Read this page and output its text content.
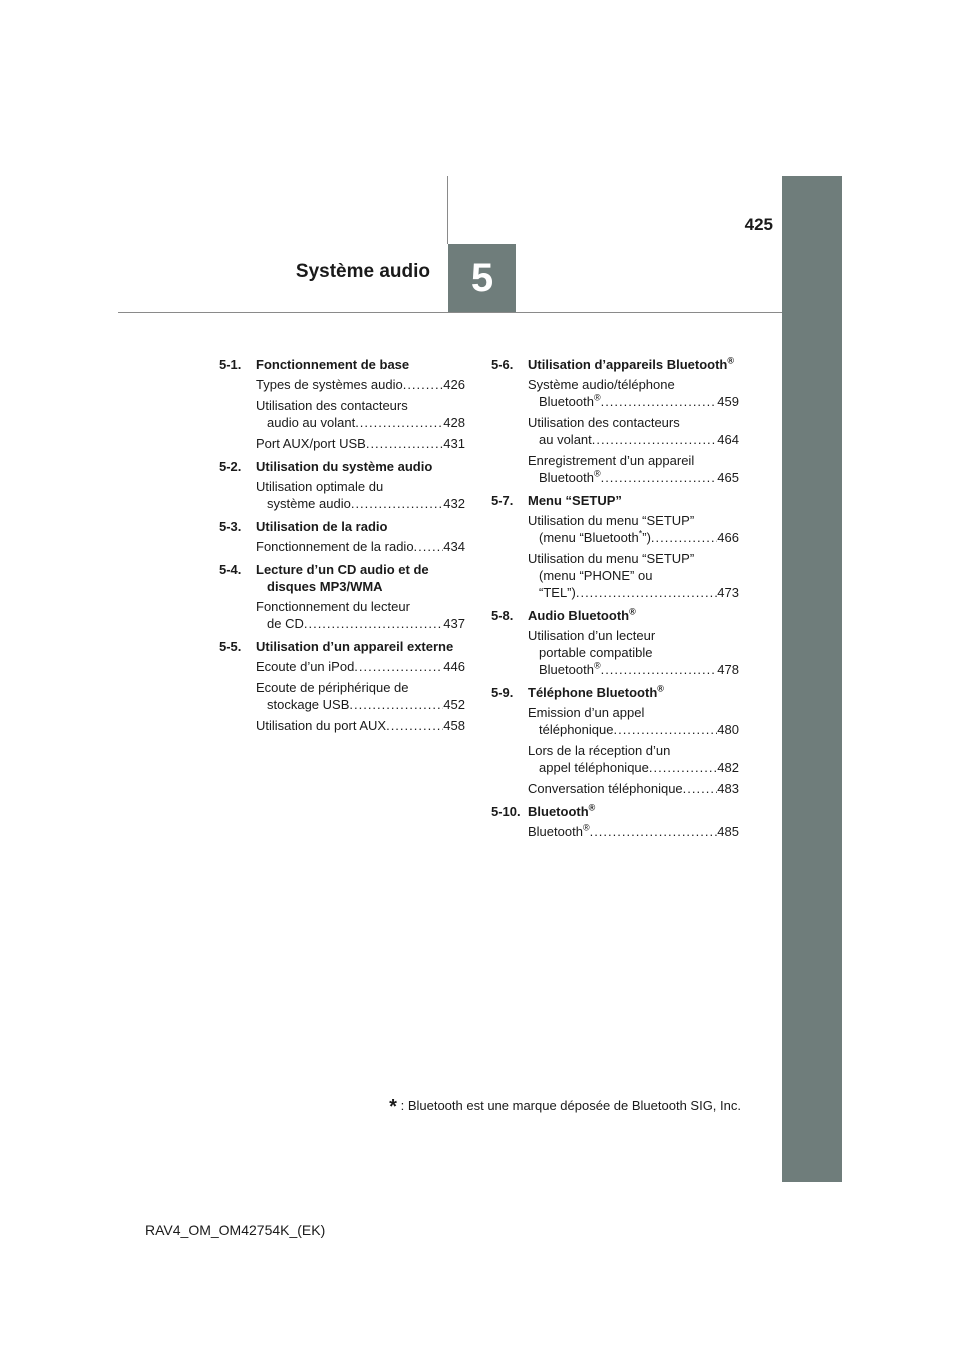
5
425
Système audio
5-1.	Fonctionnement de base
Types de systèmes audio .....	426
Utilisation des contacteurs
audio au volant .....	428
Port AUX/port USB .....	431
5-2.	Utilisation du système audio
Utilisation optimale du
système audio .....	432
5-3.	Utilisation de la radio
Fonctionnement de la radio ..... 434
5-4.	Lecture d’un CD audio et de disques MP3/WMA
Fonctionnement du lecteur
de CD .....	437
5-5.	Utilisation d’un appareil externe
Ecoute d’un iPod .....	446
Ecoute de périphérique de
stockage USB .....	452
Utilisation du port AUX .....	458
5-6.	Utilisation d’appareils Bluetooth®
Système audio/téléphone
Bluetooth® .....	459
Utilisation des contacteurs
au volant .....	464
Enregistrement d’un appareil
Bluetooth® .....	465
5-7.	Menu “SETUP”
Utilisation du menu “SETUP”
(menu “Bluetooth*”) .....	466
Utilisation du menu “SETUP”
(menu “PHONE” ou
“TEL”) .....	473
5-8.	Audio Bluetooth®
Utilisation d’un lecteur
portable compatible
Bluetooth® .....	478
5-9.	Téléphone Bluetooth®
Emission d’un appel
téléphonique .....	480
Lors de la réception d’un
appel téléphonique .....	482
Conversation téléphonique .....	483
5-10. Bluetooth®
Bluetooth® .....	485
* : Bluetooth est une marque déposée de Bluetooth SIG, Inc.
RAV4_OM_OM42754K_(EK)
